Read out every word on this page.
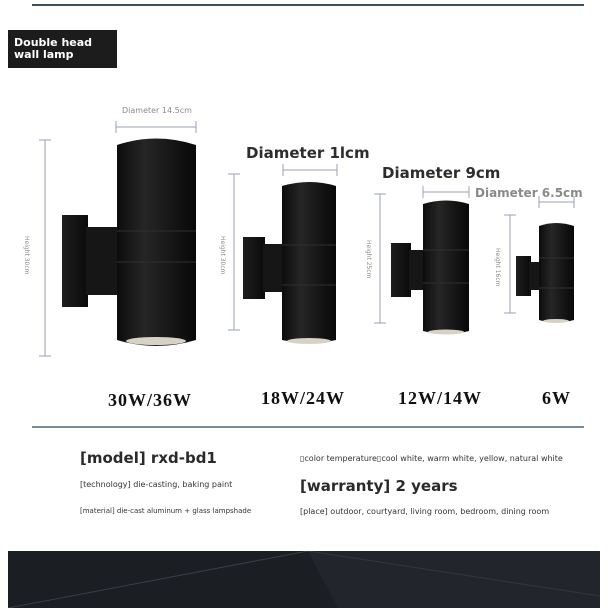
Double head
wall lamp
Diameter 14.5cm
Height 30cm
Diameter 1lcm
Height 30cm
Diameter 9cm
Height 25cm
Diameter 6.5cm
Height 16cm
30W/36W	18W/24W	12W/14W	6W
[model] rxd-bd1
[technology] die-casting, baking paint
[material] die-cast aluminum + glass lampshade
▯color temperature▯cool white, warm white, yellow, natural white
[warranty] 2 years
[place] outdoor, courtyard, living room, bedroom, dining room
